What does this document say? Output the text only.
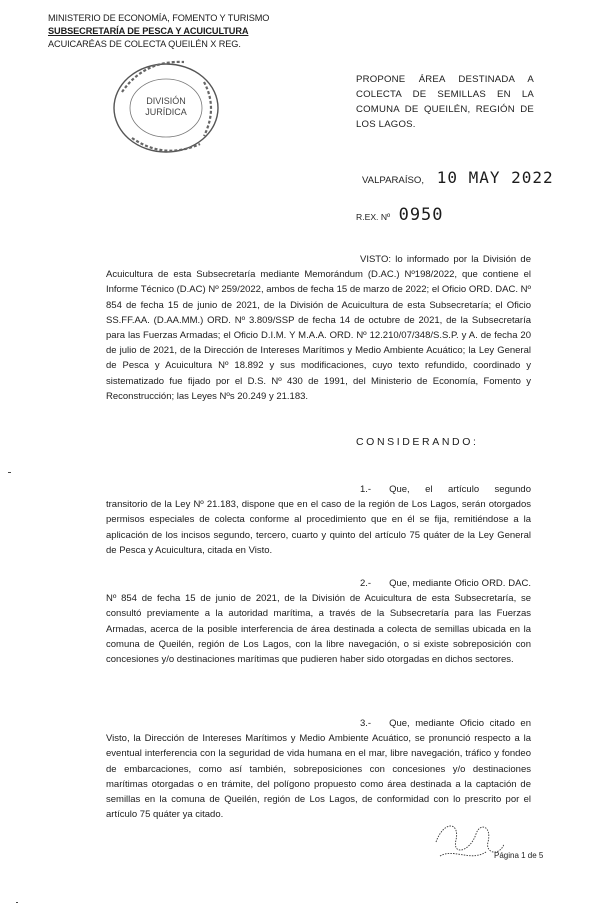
MINISTERIO DE ECONOMÍA, FOMENTO Y TURISMO
SUBSECRETARÍA DE PESCA Y ACUICULTURA
ACUICARÉAS DE COLECTA QUEILÉN X REG.
DIVISIÓN
JURÍDICA
PROPONE ÁREA DESTINADA A COLECTA DE SEMILLAS EN LA COMUNA DE QUEILÉN, REGIÓN DE LOS LAGOS.
VALPARAÍSO, 10 MAY 2022
R.EX. Nº 0950

VISTO: lo informado por la División de Acuicultura de esta Subsecretaría mediante Memorándum (D.AC.) Nº198/2022, que contiene el Informe Técnico (D.AC) Nº 259/2022, ambos de fecha 15 de marzo de 2022; el Oficio ORD. DAC. Nº 854 de fecha 15 de junio de 2021, de la División de Acuicultura de esta Subsecretaría; el Oficio SS.FF.AA. (D.AA.MM.) ORD. Nº 3.809/SSP de fecha 14 de octubre de 2021, de la Subsecretaría para las Fuerzas Armadas; el Oficio D.I.M. Y M.A.A. ORD. Nº 12.210/07/348/S.S.P. y A. de fecha 20 de julio de 2021, de la Dirección de Intereses Marítimos y Medio Ambiente Acuático; la Ley General de Pesca y Acuicultura Nº 18.892 y sus modificaciones, cuyo texto refundido, coordinado y sistematizado fue fijado por el D.S. Nº 430 de 1991, del Ministerio de Economía, Fomento y Reconstrucción; las Leyes Nºs 20.249 y 21.183.

CONSIDERANDO:

1.- Que, el artículo segundo transitorio de la Ley Nº 21.183, dispone que en el caso de la región de Los Lagos, serán otorgados permisos especiales de colecta conforme al procedimiento que en él se fija, remitiéndose a la aplicación de los incisos segundo, tercero, cuarto y quinto del artículo 75 quáter de la Ley General de Pesca y Acuicultura, citada en Visto.

2.- Que, mediante Oficio ORD. DAC. Nº 854 de fecha 15 de junio de 2021, de la División de Acuicultura de esta Subsecretaría, se consultó previamente a la autoridad marítima, a través de la Subsecretaría para las Fuerzas Armadas, acerca de la posible interferencia de área destinada a colecta de semillas ubicada en la comuna de Queilén, región de Los Lagos, con la libre navegación, o si existe sobreposición con concesiones y/o destinaciones marítimas que pudieren haber sido otorgadas en dichos sectores.

3.- Que, mediante Oficio citado en Visto, la Dirección de Intereses Marítimos y Medio Ambiente Acuático, se pronunció respecto a la eventual interferencia con la seguridad de vida humana en el mar, libre navegación, tráfico y fondeo de embarcaciones, como así también, sobreposiciones con concesiones y/o destinaciones marítimas otorgadas o en trámite, del polígono propuesto como área destinada a la captación de semillas en la comuna de Queilén, región de Los Lagos, de conformidad con lo prescrito por el artículo 75 quáter ya citado.

Página 1 de 5
